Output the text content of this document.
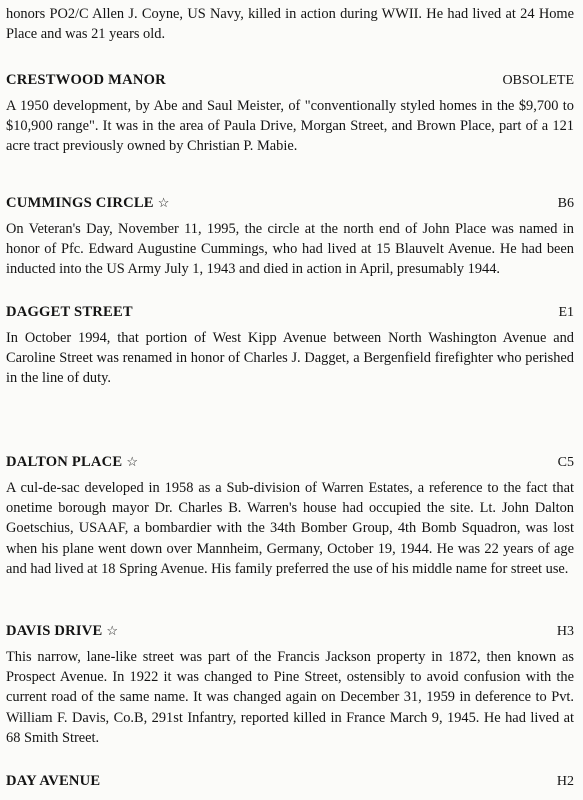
honors PO2/C Allen J. Coyne, US Navy, killed in action during WWII. He had lived at 24 Home Place and was 21 years old.
CRESTWOOD MANOR	OBSOLETE
A 1950 development, by Abe and Saul Meister, of "conventionally styled homes in the $9,700 to $10,900 range". It was in the area of Paula Drive, Morgan Street, and Brown Place, part of a 121 acre tract previously owned by Christian P. Mabie.
CUMMINGS CIRCLE ☆	B6
On Veteran's Day, November 11, 1995, the circle at the north end of John Place was named in honor of Pfc. Edward Augustine Cummings, who had lived at 15 Blauvelt Avenue. He had been inducted into the US Army July 1, 1943 and died in action in April, presumably 1944.
DAGGET STREET	E1
In October 1994, that portion of West Kipp Avenue between North Washington Avenue and Caroline Street was renamed in honor of Charles J. Dagget, a Bergenfield firefighter who perished in the line of duty.
DALTON PLACE ☆	C5
A cul-de-sac developed in 1958 as a Sub-division of Warren Estates, a reference to the fact that onetime borough mayor Dr. Charles B. Warren's house had occupied the site. Lt. John Dalton Goetschius, USAAF, a bombardier with the 34th Bomber Group, 4th Bomb Squadron, was lost when his plane went down over Mannheim, Germany, October 19, 1944. He was 22 years of age and had lived at 18 Spring Avenue. His family preferred the use of his middle name for street use.
DAVIS DRIVE ☆	H3
This narrow, lane-like street was part of the Francis Jackson property in 1872, then known as Prospect Avenue. In 1922 it was changed to Pine Street, ostensibly to avoid confusion with the current road of the same name. It was changed again on December 31, 1959 in deference to Pvt. William F. Davis, Co.B, 291st Infantry, reported killed in France March 9, 1945. He had lived at 68 Smith Street.
DAY AVENUE	H2
